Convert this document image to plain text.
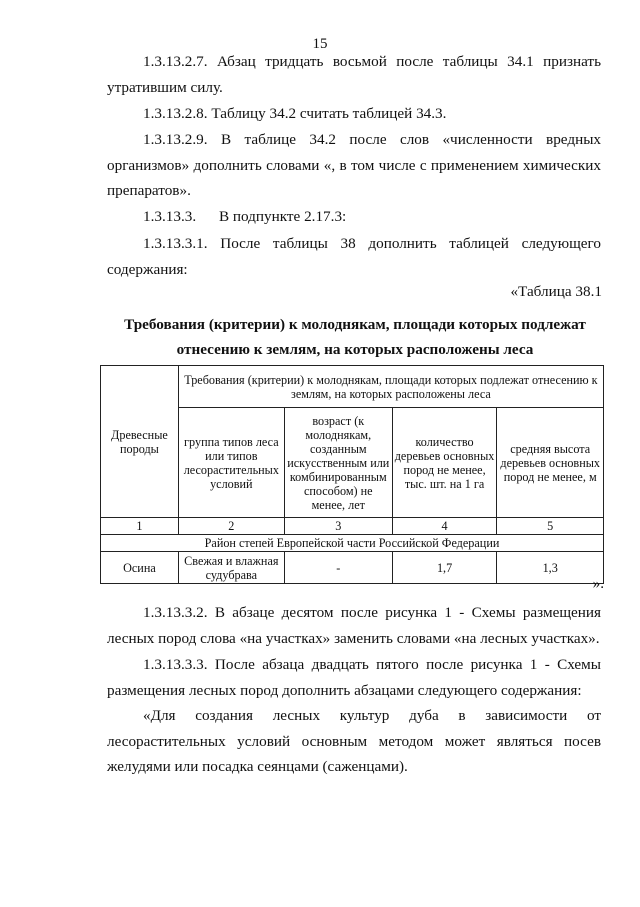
15
1.3.13.2.7. Абзац тридцать восьмой после таблицы 34.1 признать
утратившим силу.
1.3.13.2.8. Таблицу 34.2 считать таблицей 34.3.
1.3.13.2.9. В таблице 34.2 после слов «численности вредных
организмов» дополнить словами «, в том числе с применением химических
препаратов».
1.3.13.3.      В подпункте 2.17.3:
1.3.13.3.1. После таблицы 38 дополнить таблицей следующего
содержания:
«Таблица 38.1
Требования (критерии) к молоднякам, площади которых подлежат
отнесению к землям, на которых расположены леса
Древесные породы	Требования (критерии) к молоднякам, площади которых подлежат отнесению к землям, на которых расположены леса			
	группа типов леса или типов лесорастительных условий	возраст (к молоднякам, созданным искусственным или комбинированным способом) не менее, лет	количество деревьев основных пород не менее, тыс. шт. на 1 га	средняя высота деревьев основных пород не менее, м
1	2	3	4	5
Район степей Европейской части Российской Федерации				
Осина	Свежая и влажная судубрава	-	1,7	1,3
».
1.3.13.3.2. В абзаце десятом после рисунка 1 - Схемы размещения
лесных пород слова «на участках» заменить словами «на лесных участках».
1.3.13.3.3. После абзаца двадцать пятого после рисунка 1 - Схемы
размещения лесных пород дополнить абзацами следующего содержания:
«Для создания лесных культур дуба в зависимости от
лесорастительных условий основным методом может являться посев
желудями или посадка сеянцами (саженцами).
